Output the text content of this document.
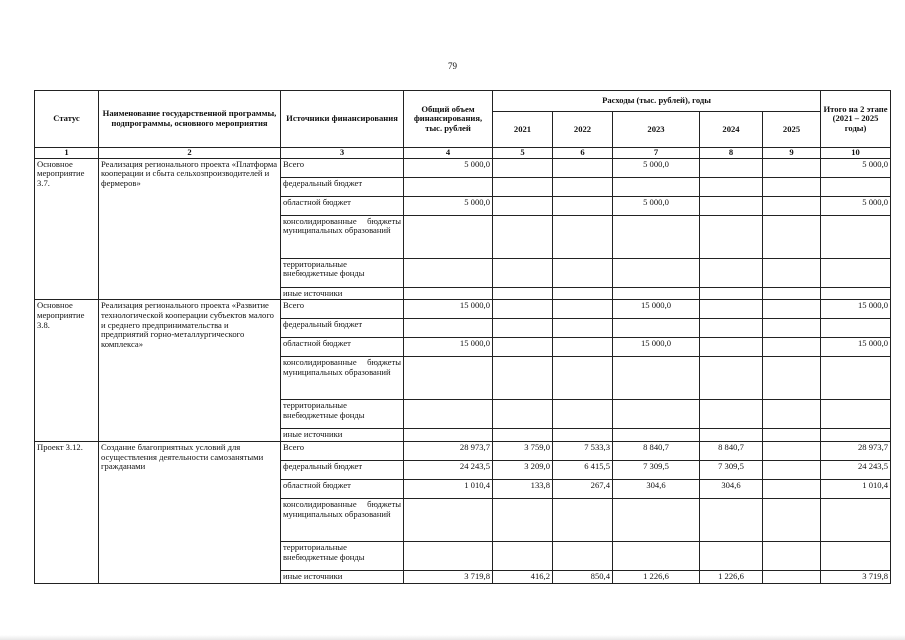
79
Статус	Наименование государственной программы, подпрограммы, основного мероприятия	Источники финансирования	Общий объем финансирования, тыс. рублей	Расходы (тыс. рублей), годы					Итого на 2 этапе (2021 – 2025 годы)
				2021	2022	2023	2024	2025	
1	2	3	4	5	6	7	8	9	10
Основное мероприятие 3.7.	Реализация регионального проекта «Платформа кооперации и сбыта сельхозпроизводителей и фермеров»	Всего	5 000,0			5 000,0			5 000,0
		федеральный бюджет							
		областной бюджет	5 000,0			5 000,0			5 000,0
		консолидированные бюджеты муниципальных образований							
		территориальные внебюджетные фонды							
		иные источники							
Основное мероприятие 3.8.	Реализация регионального проекта «Развитие технологической кооперации субъектов малого и среднего предпринимательства и предприятий горно-металлургического комплекса»	Всего	15 000,0			15 000,0			15 000,0
		федеральный бюджет							
		областной бюджет	15 000,0			15 000,0			15 000,0
		консолидированные бюджеты муниципальных образований							
		территориальные внебюджетные фонды							
		иные источники							
Проект 3.12.	Создание благоприятных условий для осуществления деятельности самозанятыми гражданами	Всего	28 973,7	3 759,0	7 533,3	8 840,7	8 840,7		28 973,7
		федеральный бюджет	24 243,5	3 209,0	6 415,5	7 309,5	7 309,5		24 243,5
		областной бюджет	1 010,4	133,8	267,4	304,6	304,6		1 010,4
		консолидированные бюджеты муниципальных образований							
		территориальные внебюджетные фонды							
		иные источники	3 719,8	416,2	850,4	1 226,6	1 226,6		3 719,8
